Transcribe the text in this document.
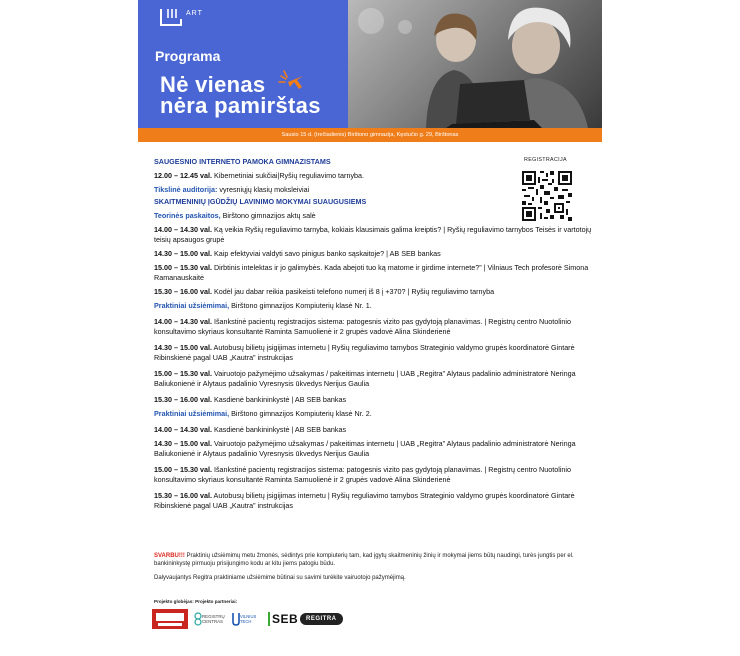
ART
Programa
Nė vienas
nėra pamirštas
Sausio 15 d. (trečiadienis) Birštono gimnazija, Kęstučio g. 29, Birštonas
REGISTRACIJA

SAUGESNIO INTERNETO PAMOKA GIMNAZISTAMS

12.00 – 12.45 val. Kibernetiniai sukčiai|Ryšių reguliavimo tarnyba.

Tikslinė auditorija: vyresniųjų klasių moksleiviai

SKAITMENINIŲ ĮGŪDŽIŲ LAVINIMO MOKYMAI SUAUGUSIEMS

Teorinės paskaitos, Birštono gimnazijos aktų salė

14.00 – 14.30 val. Ką veikia Ryšių reguliavimo tarnyba, kokiais klausimais galima kreiptis? | Ryšių reguliavimo tarnybos Teisės ir vartotojų teisių apsaugos grupė

14.30 – 15.00 val. Kaip efektyviai valdyti savo pinigus banko sąskaitoje? | AB SEB bankas

15.00 – 15.30 val. Dirbtinis intelektas ir jo galimybės. Kada abejoti tuo ką matome ir girdime internete?” | Vilniaus Tech profesorė Simona Ramanauskaitė

15.30 – 16.00 val. Kodėl jau dabar reikia pasikeisti telefono numerį iš 8 į +370? | Ryšių reguliavimo tarnyba

Praktiniai užsiėmimai, Birštono gimnazijos Kompiuterių klasė Nr. 1.

14.00 – 14.30 val. Išankstinė pacientų registracijos sistema: patogesnis vizito pas gydytoją planavimas. | Registrų centro Nuotolinio konsultavimo skyriaus konsultantė Raminta Samuolienė ir 2 grupės vadovė Alina Skinderienė

14.30 – 15.00 val. Autobusų bilietų įsigijimas internetu | Ryšių reguliavimo tarnybos Strateginio valdymo grupės koordinatorė Gintarė Ribinskienė pagal UAB „Kautra” instrukcijas

15.00 – 15.30 val. Vairuotojo pažymėjimo užsakymas / pakeitimas internetu | UAB „Regitra” Alytaus padalinio administratorė Neringa Baliukonienė ir Alytaus padalinio Vyresnysis ūkvedys Nerijus Gaulia

15.30 – 16.00 val. Kasdienė bankininkystė | AB SEB bankas

Praktiniai užsiėmimai, Birštono gimnazijos Kompiuterių klasė Nr. 2.

14.00 – 14.30 val. Kasdienė bankininkystė | AB SEB bankas

14.30 – 15.00 val. Vairuotojo pažymėjimo užsakymas / pakeitimas internetu | UAB „Regitra” Alytaus padalinio administratorė Neringa Baliukonienė ir Alytaus padalinio Vyresnysis ūkvedys Nerijus Gaulia

15.00 – 15.30 val. Išankstinė pacientų registracijos sistema: patogesnis vizito pas gydytoją planavimas. | Registrų centro Nuotolinio konsultavimo skyriaus konsultantė Raminta Samuolienė ir 2 grupės vadovė Alina Skinderienė

15.30 – 16.00 val. Autobusų bilietų įsigijimas internetu | Ryšių reguliavimo tarnybos Strateginio valdymo grupės koordinatorė Gintarė Ribinskienė pagal UAB „Kautra” instrukcijas

SVARBU!!! Praktinių užsiėmimų metu žmonės, sėdintys prie kompiuterių tam, kad įgytų skaitmeninių žinių ir mokymai jiems būtų naudingi, turės jungtis per el. bankininkystę pirmuoju prisijungimo kodu ar kitu jiems patogiu būdu.
Dalyvaujantys Regitra praktiniame užsiėmime būtinai su savimi turėkite vairuotojo pažymėjimą.
Projekto globėjas: Projekto partneriai:
REGISTRŲ CENTRAS
VILNIUS TECH	SEB	REGITRA
